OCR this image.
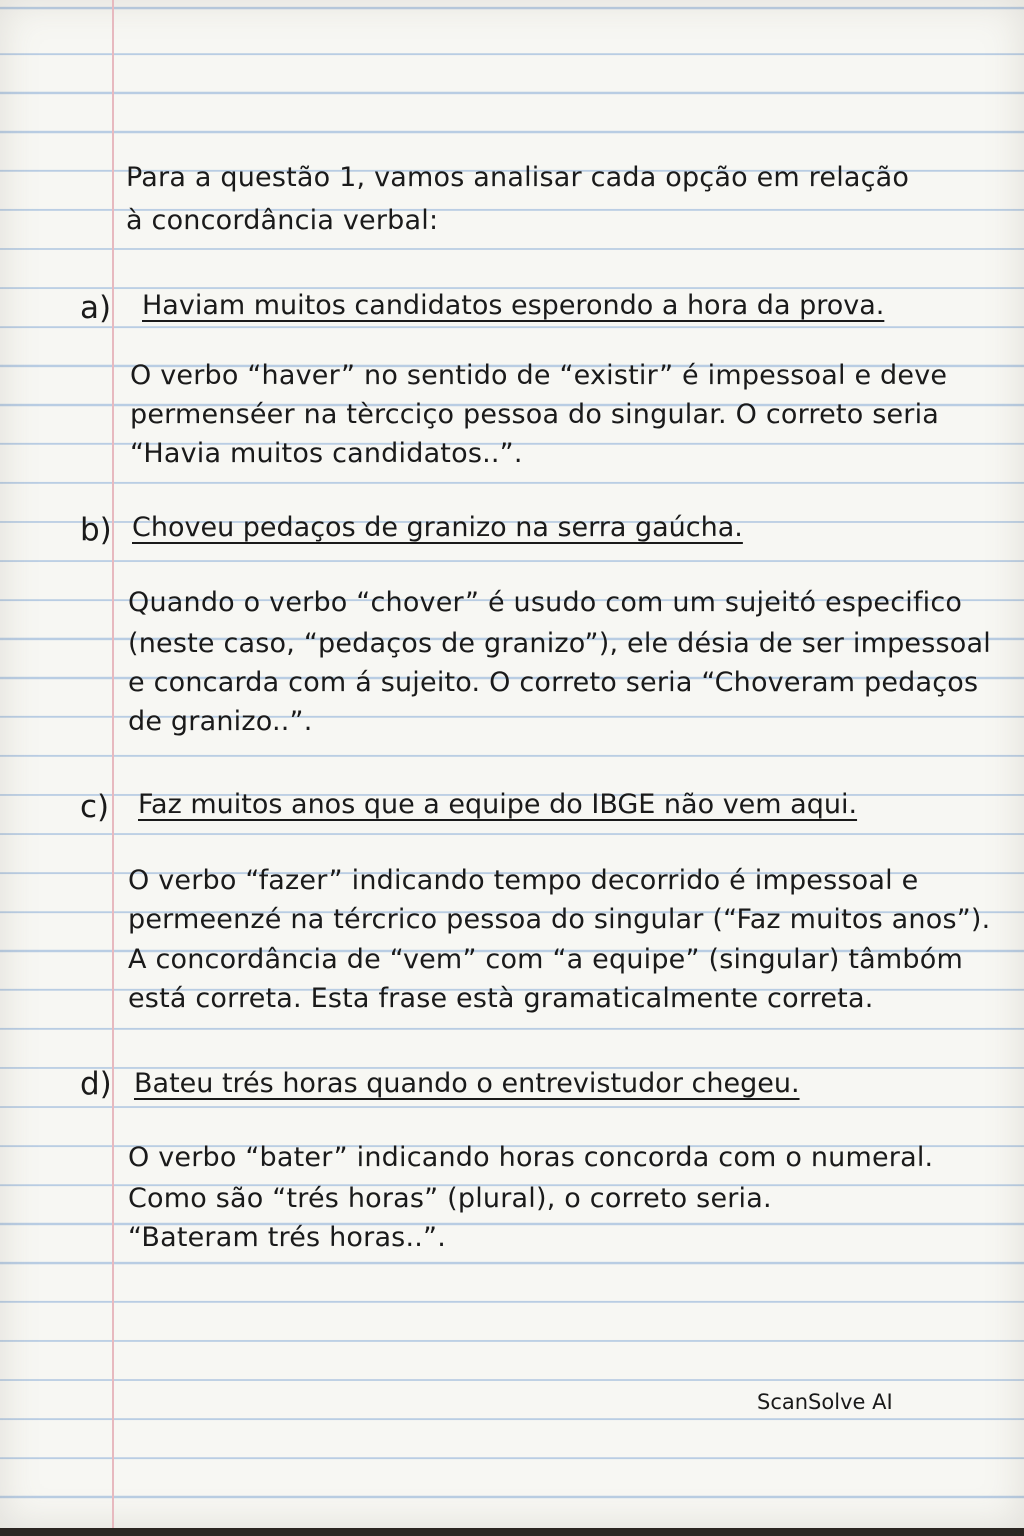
Para a questão 1, vamos analisar cada opção em relação
à concordância verbal:
a) Haviam muitos candidatos esperondo a hora da prova.
O verbo “haver” no sentido de “existir” é impessoal e deve
permenséer na tèrcciço pessoa do singular. O correto seria
“Havia muitos candidatos..”.
b) Choveu pedaços de granizo na serra gaúcha.
Quando o verbo “chover” é usudo com um sujeitó especifico
(neste caso, “pedaços de granizo”), ele désia de ser impessoal
e concarda com á sujeito. O correto seria “Choveram pedaços
de granizo..”.
c) Faz muitos anos que a equipe do IBGE não vem aqui.
O verbo “fazer” indicando tempo decorrido é impessoal e
permeenzé na tércrico pessoa do singular (“Faz muitos anos”).
A concordância de “vem” com “a equipe” (singular) tâmbóm
está correta. Esta frase està gramaticalmente correta.
d) Bateu trés horas quando o entrevistudor chegeu.
O verbo “bater” indicando horas concorda com o numeral.
Como são “trés horas” (plural), o correto seria.
“Bateram trés horas..”.
ScanSolve AI
